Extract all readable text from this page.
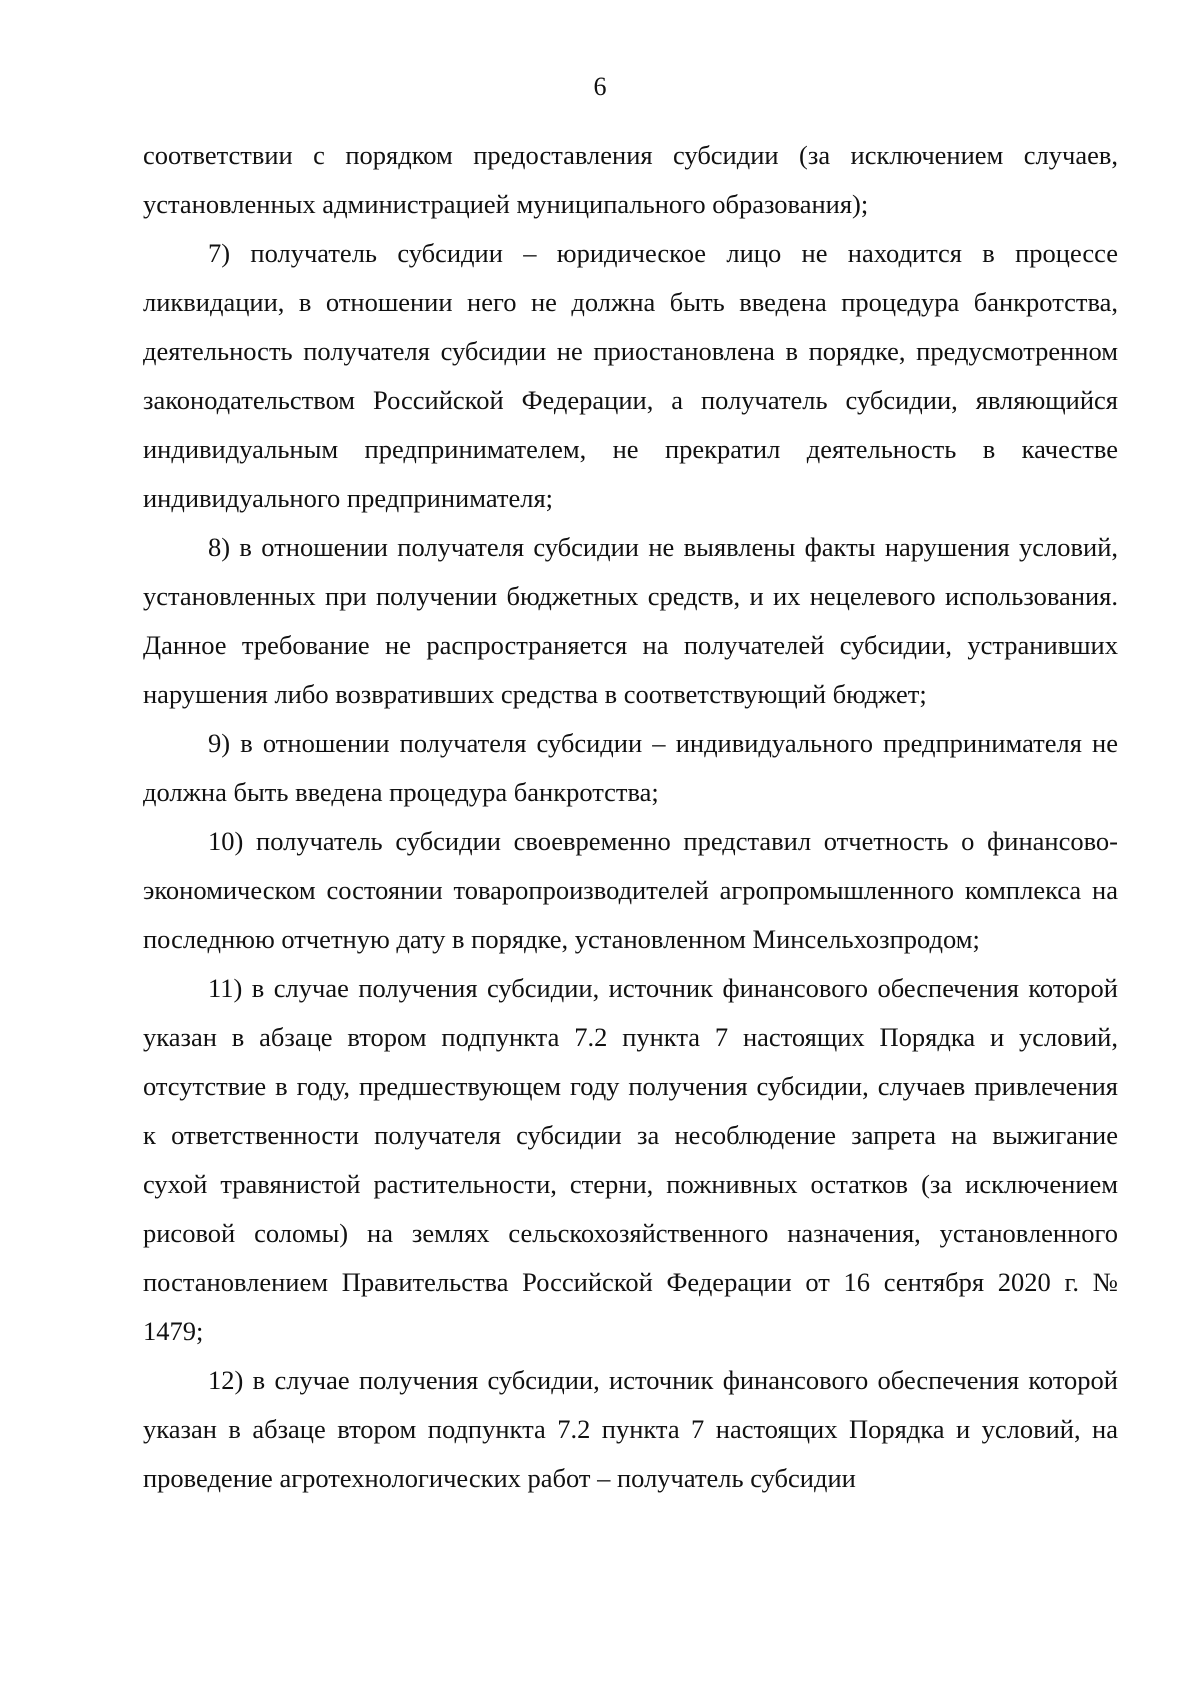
6

соответствии с порядком предоставления субсидии (за исключением случаев, установленных администрацией муниципального образования);

7) получатель субсидии – юридическое лицо не находится в процессе ликвидации, в отношении него не должна быть введена процедура банкротства, деятельность получателя субсидии не приостановлена в порядке, предусмотренном законодательством Российской Федерации, а получатель субсидии, являющийся индивидуальным предпринимателем, не прекратил деятельность в качестве индивидуального предпринимателя;

8) в отношении получателя субсидии не выявлены факты нарушения условий, установленных при получении бюджетных средств, и их нецелевого использования. Данное требование не распространяется на получателей субсидии, устранивших нарушения либо возвративших средства в соответствующий бюджет;

9) в отношении получателя субсидии – индивидуального предпринимателя не должна быть введена процедура банкротства;

10) получатель субсидии своевременно представил отчетность о финансово-экономическом состоянии товаропроизводителей агропромышленного комплекса на последнюю отчетную дату в порядке, установленном Минсельхозпродом;

11) в случае получения субсидии, источник финансового обеспечения которой указан в абзаце втором подпункта 7.2 пункта 7 настоящих Порядка и условий, отсутствие в году, предшествующем году получения субсидии, случаев привлечения к ответственности получателя субсидии за несоблюдение запрета на выжигание сухой травянистой растительности, стерни, пожнивных остатков (за исключением рисовой соломы) на землях сельскохозяйственного назначения, установленного постановлением Правительства Российской Федерации от 16 сентября 2020 г. № 1479;

12) в случае получения субсидии, источник финансового обеспечения которой указан в абзаце втором подпункта 7.2 пункта 7 настоящих Порядка и условий, на проведение агротехнологических работ – получатель субсидии
